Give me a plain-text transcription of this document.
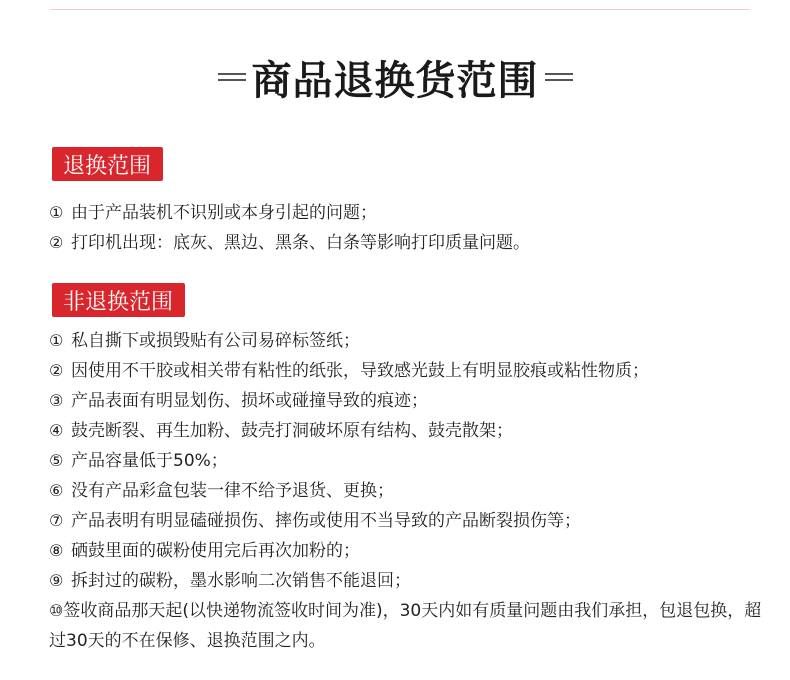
商品退换货范围
退换范围
① 由于产品装机不识别或本身引起的问题；
② 打印机出现：底灰、黑边、黑条、白条等影响打印质量问题。
非退换范围
① 私自撕下或损毁贴有公司易碎标签纸；
② 因使用不干胶或相关带有粘性的纸张，导致感光鼓上有明显胶痕或粘性物质；
③ 产品表面有明显划伤、损坏或碰撞导致的痕迹；
④ 鼓壳断裂、再生加粉、鼓壳打洞破坏原有结构、鼓壳散架；
⑤ 产品容量低于50%；
⑥ 没有产品彩盒包装一律不给予退货、更换；
⑦ 产品表明有明显磕碰损伤、摔伤或使用不当导致的产品断裂损伤等；
⑧ 硒鼓里面的碳粉使用完后再次加粉的；
⑨ 拆封过的碳粉，墨水影响二次销售不能退回；
⑩签收商品那天起(以快递物流签收时间为准)，30天内如有质量问题由我们承担，包退包换，超过30天的不在保修、退换范围之内。
